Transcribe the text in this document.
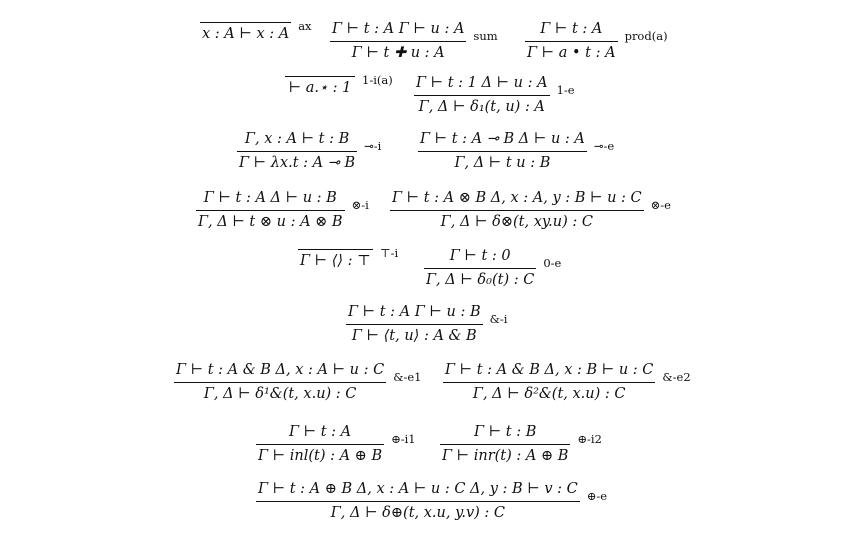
x : A ⊢ x : A ax $\frac{\text{Γ ⊢ t : A Γ ⊢ u : A}}{\Gamma ⊢ t ✚ u : A}$ sum $\frac{\Gamma ⊢ t : A}{\Gamma ⊢ a • t : A}$ prod(a)
⊢ a.⋆ : 1 $1-i(a) \frac{\Gamma ⊢ t : 1 \Delta ⊢ u : A}{\text{Γ, Δ ⊢ δ₁(t, u) : A}} 1-e$
$\frac{\Gamma, x : A ⊢ t : B}{\Gamma ⊢ \lambda x.t : A ⊸ B}$ ⊸-i	$\frac{\text{Γ ⊢ t : A ⊸ B Δ ⊢ u : A}}{\text{Γ, Δ ⊢ t u : B}}$ ⊸-e
$\frac{\text{Γ ⊢ t : A Δ ⊢ u : B}}{\Gamma, \Delta ⊢ t \otimes u : A \otimes B}$ ⊗-i $\frac{\text{Γ ⊢ t : A ⊗ B Δ, x : A, y : B ⊢ u : C}}{\Gamma, \Delta ⊢ \delta\otimes(t, xy.u) : C}$ ⊗-e
Γ ⊢ ⟨⟩ : ⊤ ⊤-i $\frac{\Gamma ⊢ t : 0}{\text{Γ, Δ ⊢ δ₀(t) : C}} 0-e$
$\frac{\text{Γ ⊢ t : A Γ ⊢ u : B}}{\Gamma ⊢ ⟨t, u⟩ : A \& B}$ &-i
$\frac{\text{Γ ⊢ t : A \& B Δ, x : A ⊢ u : C}}{\text{Γ, Δ ⊢ δ¹\&(t, x.u) : C}}$ &-e1 $\frac{\text{Γ ⊢ t : A \& B Δ, x : B ⊢ u : C}}{\text{Γ, Δ ⊢ δ²\&(t, x.u) : C}}$ &-e2
$\frac{\Gamma ⊢ t : A}{\text{Γ ⊢ inl(t) : A ⊕ B}}$ ⊕-i1 $\frac{\Gamma ⊢ t : B}{\text{Γ ⊢ inr(t) : A ⊕ B}}$ ⊕-i2
$\frac{\text{Γ ⊢ t : A ⊕ B Δ, x : A ⊢ u : C Δ, y : B ⊢ v : C}}{\Gamma, \Delta ⊢ \delta\oplus(t, x.u, y.v) : C}$ ⊕-e
